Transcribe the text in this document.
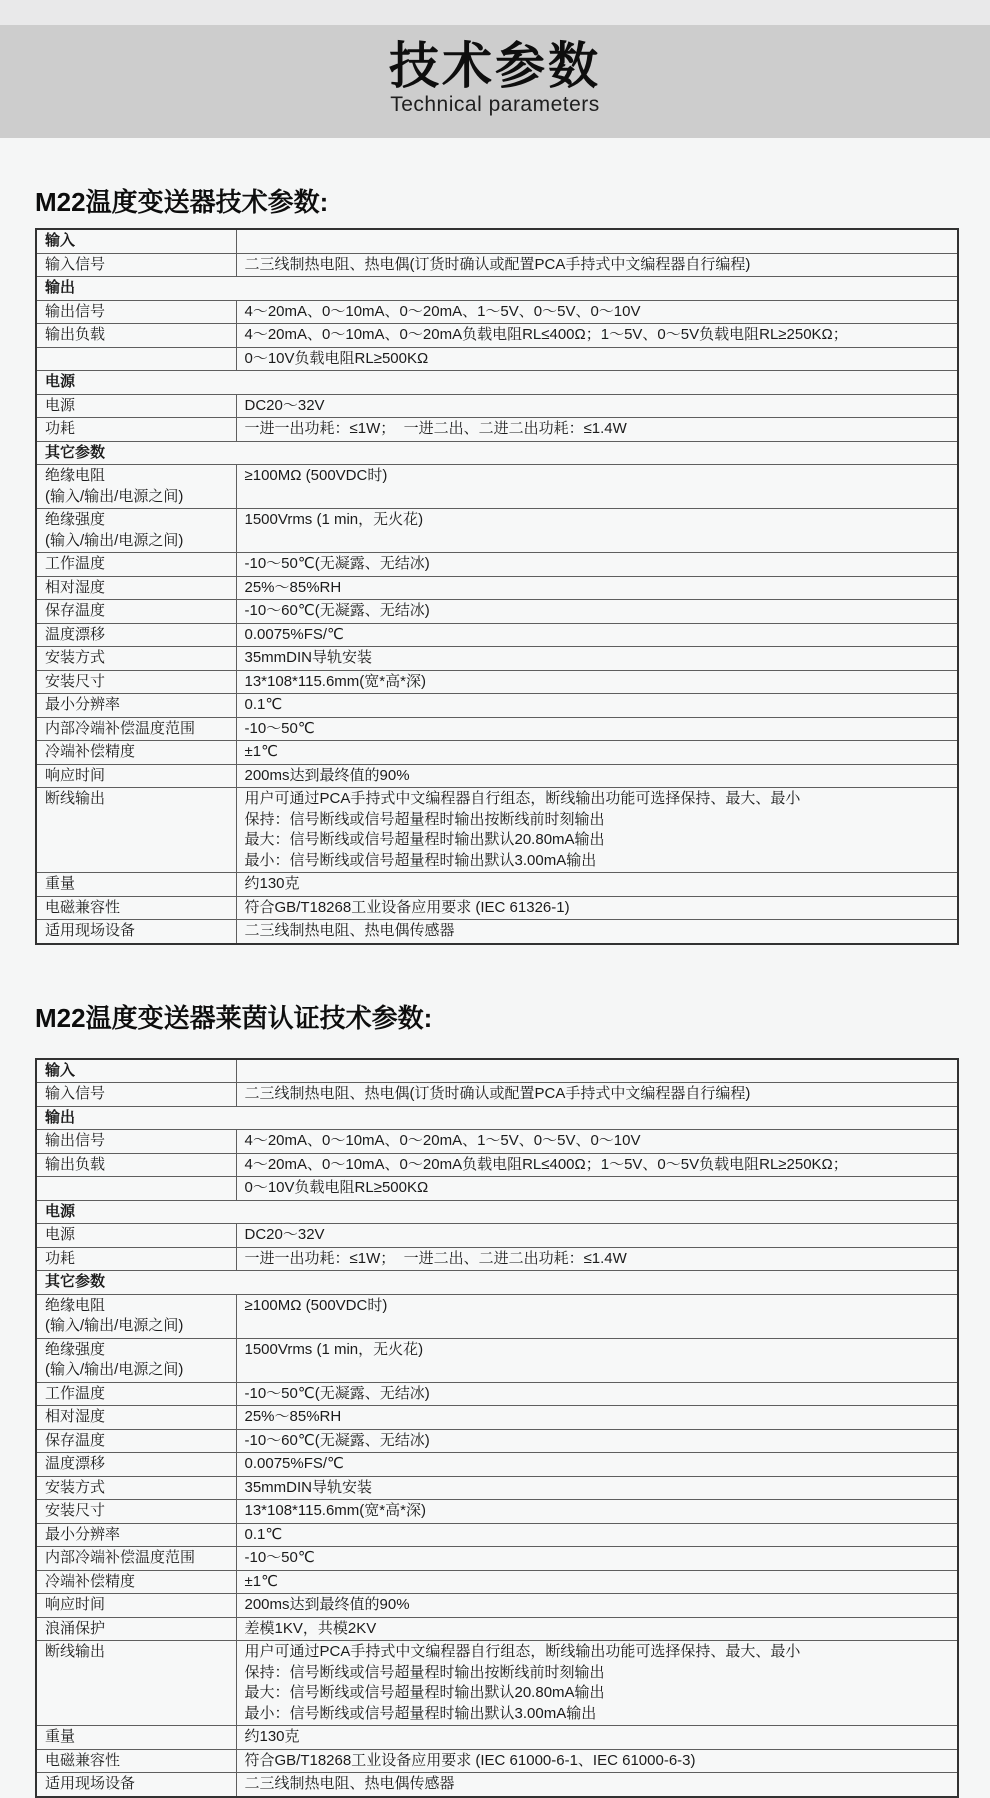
技术参数
Technical parameters
M22温度变送器技术参数:
输入	
输入信号	二三线制热电阻、热电偶(订货时确认或配置PCA手持式中文编程器自行编程)
输出	
输出信号	4～20mA、0～10mA、0～20mA、1～5V、0～5V、0～10V
输出负载	4～20mA、0～10mA、0～20mA负载电阻RL≤400Ω；1～5V、0～5V负载电阻RL≥250KΩ；
	0～10V负载电阻RL≥500KΩ
电源	
电源	DC20～32V
功耗	一进一出功耗：≤1W；  一进二出、二进二出功耗：≤1.4W
其它参数	

绝缘电阻
(输入/输出/电源之间)	≥100MΩ (500VDC时)

绝缘强度
(输入/输出/电源之间)	1500Vrms (1 min，无火花)
工作温度	-10～50℃(无凝露、无结冰)
相对湿度	25%～85%RH
保存温度	-10～60℃(无凝露、无结冰)
温度漂移	0.0075%FS/℃
安装方式	35mmDIN导轨安装
安装尺寸	13*108*115.6mm(宽*高*深)
最小分辨率	0.1℃
内部冷端补偿温度范围	-10～50℃
冷端补偿精度	±1℃
响应时间	200ms达到最终值的90%
断线输出	用户可通过PCA手持式中文编程器自行组态，断线输出功能可选择保持、最大、最小
保持：信号断线或信号超量程时输出按断线前时刻输出
最大：信号断线或信号超量程时输出默认20.80mA输出
最小：信号断线或信号超量程时输出默认3.00mA输出

重量	约130克
电磁兼容性	符合GB/T18268工业设备应用要求 (IEC 61326-1)
适用现场设备	二三线制热电阻、热电偶传感器
M22温度变送器莱茵认证技术参数:
输入	
输入信号	二三线制热电阻、热电偶(订货时确认或配置PCA手持式中文编程器自行编程)
输出	
输出信号	4～20mA、0～10mA、0～20mA、1～5V、0～5V、0～10V
输出负载	4～20mA、0～10mA、0～20mA负载电阻RL≤400Ω；1～5V、0～5V负载电阻RL≥250KΩ；
	0～10V负载电阻RL≥500KΩ
电源	
电源	DC20～32V
功耗	一进一出功耗：≤1W；  一进二出、二进二出功耗：≤1.4W
其它参数	

绝缘电阻
(输入/输出/电源之间)	≥100MΩ (500VDC时)

绝缘强度
(输入/输出/电源之间)	1500Vrms (1 min，无火花)
工作温度	-10～50℃(无凝露、无结冰)
相对湿度	25%～85%RH
保存温度	-10～60℃(无凝露、无结冰)
温度漂移	0.0075%FS/℃
安装方式	35mmDIN导轨安装
安装尺寸	13*108*115.6mm(宽*高*深)
最小分辨率	0.1℃
内部冷端补偿温度范围	-10～50℃
冷端补偿精度	±1℃
响应时间	200ms达到最终值的90%
浪涌保护	差模1KV，共模2KV
断线输出	用户可通过PCA手持式中文编程器自行组态，断线输出功能可选择保持、最大、最小
保持：信号断线或信号超量程时输出按断线前时刻输出
最大：信号断线或信号超量程时输出默认20.80mA输出
最小：信号断线或信号超量程时输出默认3.00mA输出

重量	约130克
电磁兼容性	符合GB/T18268工业设备应用要求 (IEC 61000-6-1、IEC 61000-6-3)
适用现场设备	二三线制热电阻、热电偶传感器
